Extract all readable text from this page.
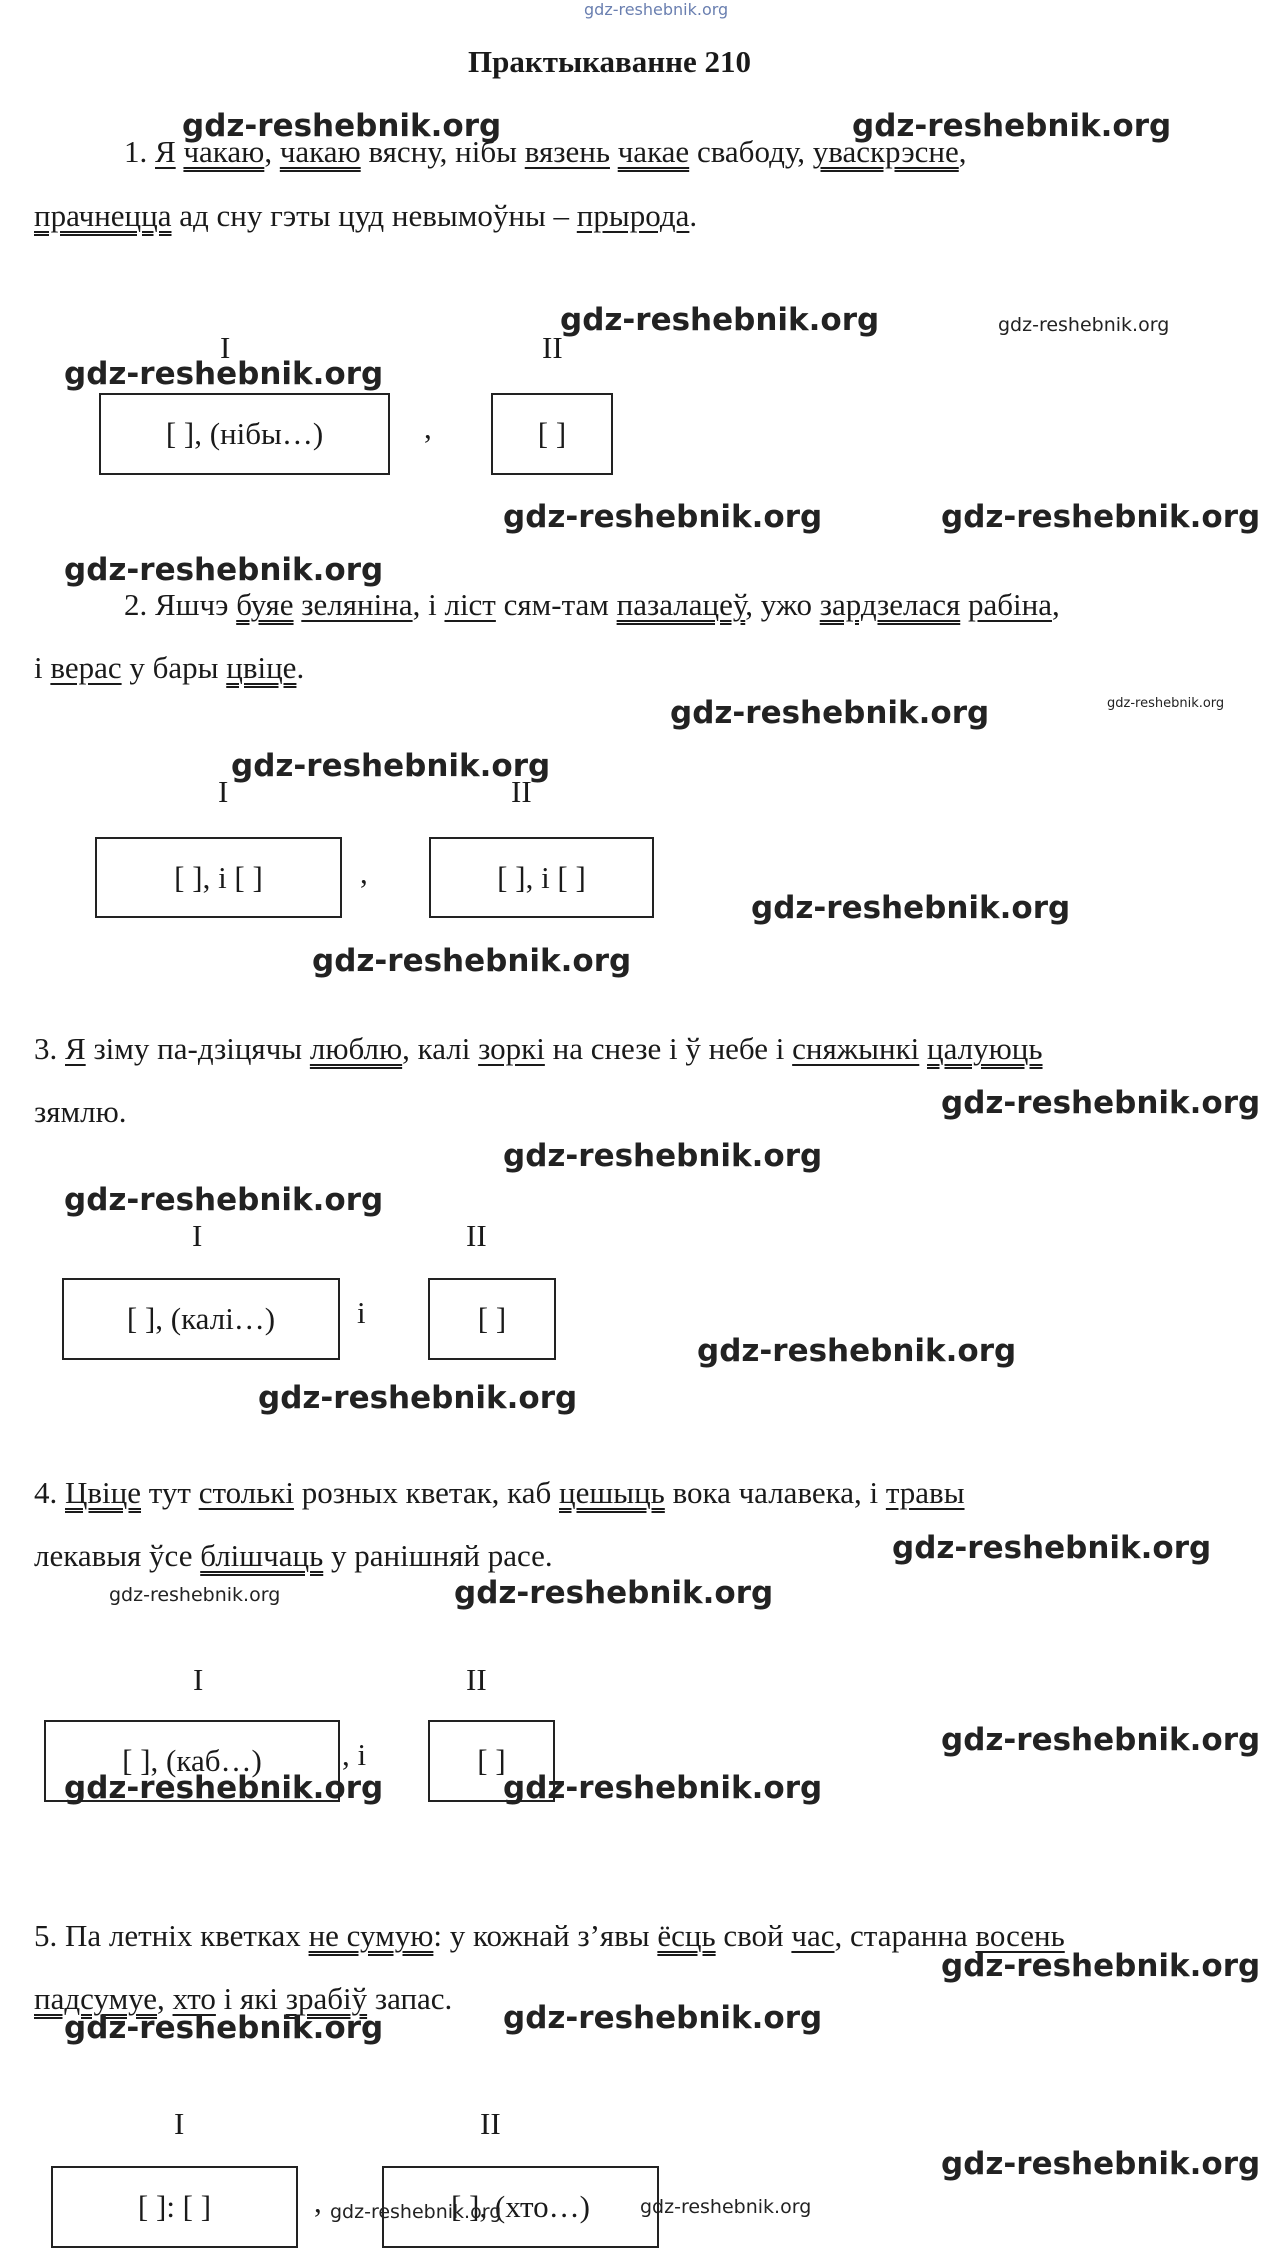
gdz-reshebnik.org
Практыкаванне 210
1. Я чакаю, чакаю вясну, нібы вязень чакае свабоду, уваскрэсне,
прачнецца ад сну гэты цуд невымоўны – прырода.
I	II
[ ], (нібы…)	,	[ ]
2. Яшчэ буяе зеляніна, і ліст сям-там пазалацеў, ужо зардзелася рабіна,
і верас у бары цвіце.
I	II
[ ], і [ ]	,	[ ], і [ ]
3. Я зіму па-дзіцячы люблю, калі зоркі на снезе і ў небе і сняжынкі цалуюць
зямлю.
I	II
[ ], (калі…)	і	[ ]
4. Цвіце тут столькі розных кветак, каб цешыць вока чалавека, і травы
лекавыя ўсе блішчаць у ранішняй расе.
I	II
[ ], (каб…)	, і	[ ]
5. Па летніх кветках не сумую: у кожнай з’явы ёсць свой час, старанна восень
падсумуе, хто і які зрабіў запас.
I	II
[ ]: [ ]	,	[ ], (хто…)
gdz-reshebnik.org	gdz-reshebnik.org
gdz-reshebnik.org	gdz-reshebnik.org
gdz-reshebnik.org
gdz-reshebnik.org	gdz-reshebnik.org
gdz-reshebnik.org
gdz-reshebnik.org	gdz-reshebnik.org
gdz-reshebnik.org
gdz-reshebnik.org
gdz-reshebnik.org
gdz-reshebnik.org
gdz-reshebnik.org
gdz-reshebnik.org
gdz-reshebnik.org
gdz-reshebnik.org
gdz-reshebnik.org
gdz-reshebnik.org	gdz-reshebnik.org
gdz-reshebnik.org
gdz-reshebnik.org	gdz-reshebnik.org
gdz-reshebnik.org
gdz-reshebnik.org	gdz-reshebnik.org
gdz-reshebnik.org
gdz-reshebnik.org	gdz-reshebnik.org
